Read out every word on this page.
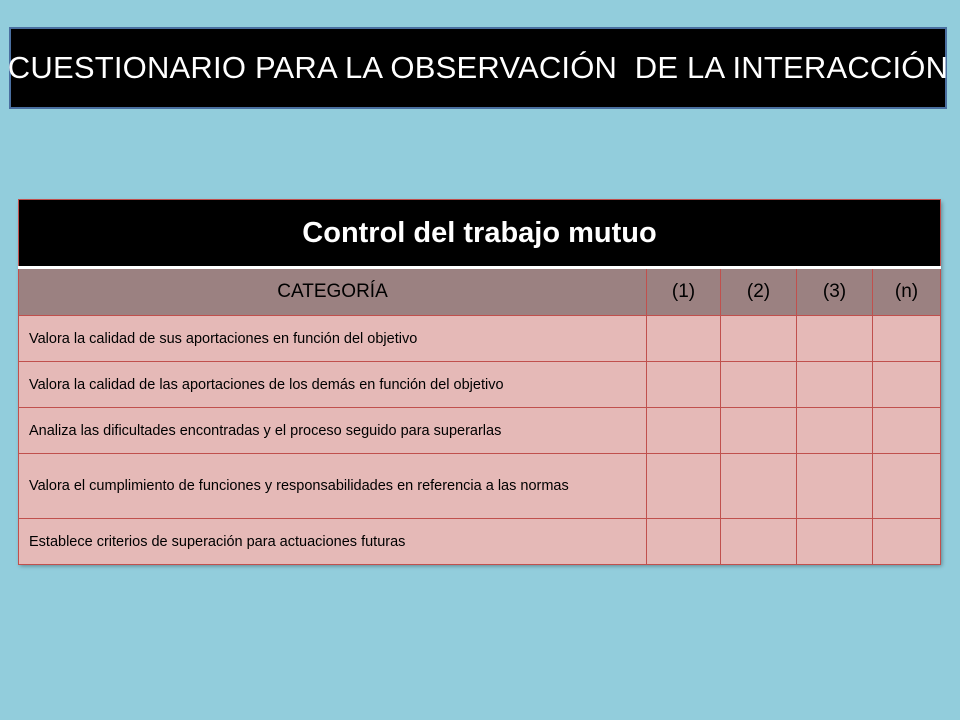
CUESTIONARIO PARA LA OBSERVACIÓN  DE LA INTERACCIÓN
Control del trabajo mutuo				
CATEGORÍA	(1)	(2)	(3)	(n)
Valora la calidad de sus aportaciones en función del objetivo				
Valora la calidad de las aportaciones de los demás en función del objetivo				
Analiza las dificultades encontradas y el proceso seguido para superarlas				
Valora el cumplimiento de funciones y responsabilidades en referencia a las normas				
Establece criterios de superación para actuaciones futuras				
